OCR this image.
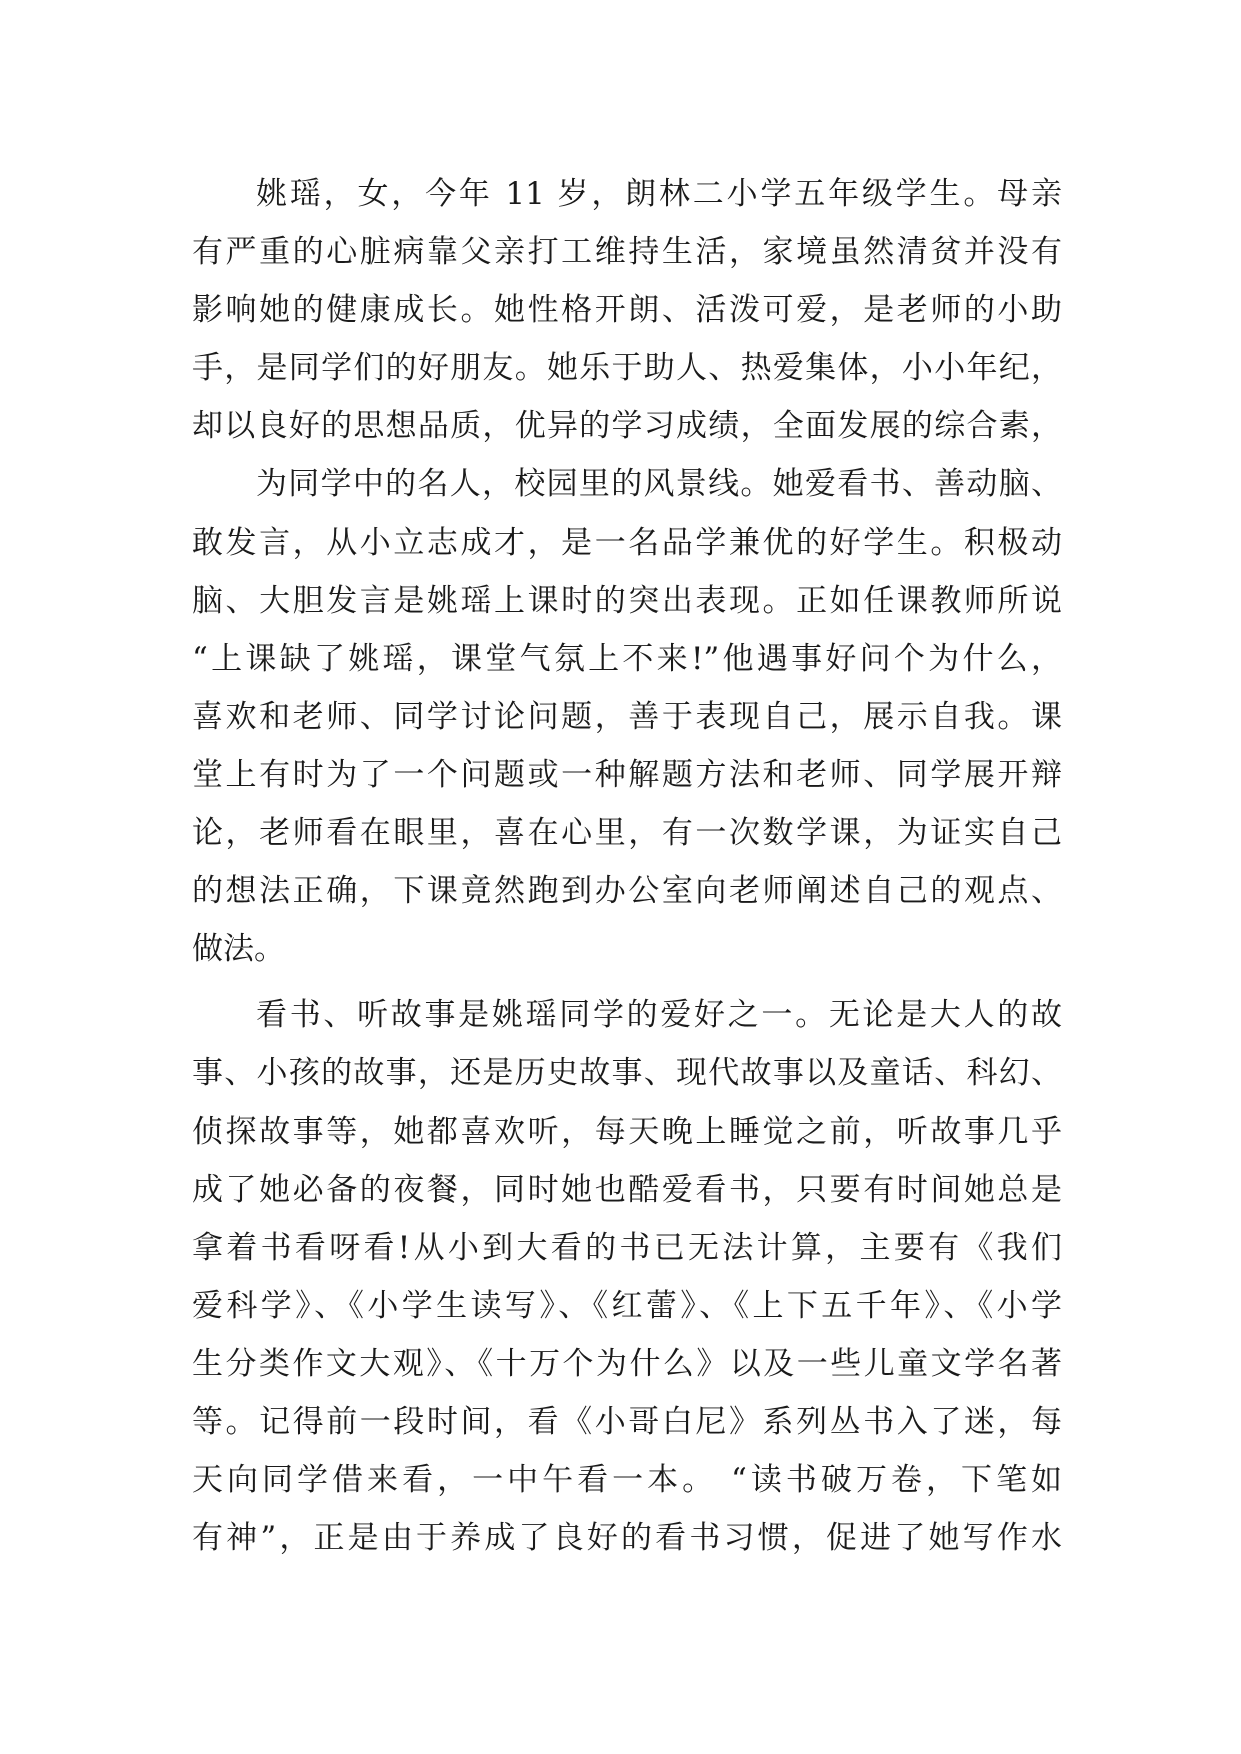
姚瑶，女，今年 11 岁，朗林二小学五年级学生。母亲
有严重的心脏病靠父亲打工维持生活，家境虽然清贫并没有
影响她的健康成长。她性格开朗、活泼可爱，是老师的小助
手，是同学们的好朋友。她乐于助人、热爱集体，小小年纪，
却以良好的思想品质，优异的学习成绩，全面发展的综合素，
为同学中的名人，校园里的风景线。她爱看书、善动脑、
敢发言，从小立志成才，是一名品学兼优的好学生。积极动
脑、大胆发言是姚瑶上课时的突出表现。正如任课教师所说
“上课缺了姚瑶，课堂气氛上不来!”他遇事好问个为什么，
喜欢和老师、同学讨论问题，善于表现自己，展示自我。课
堂上有时为了一个问题或一种解题方法和老师、同学展开辩
论，老师看在眼里，喜在心里，有一次数学课，为证实自己
的想法正确，下课竟然跑到办公室向老师阐述自己的观点、
做法。
看书、听故事是姚瑶同学的爱好之一。无论是大人的故
事、小孩的故事，还是历史故事、现代故事以及童话、科幻、
侦探故事等，她都喜欢听，每天晚上睡觉之前，听故事几乎
成了她必备的夜餐，同时她也酷爱看书，只要有时间她总是
拿着书看呀看!从小到大看的书已无法计算，主要有《我们
爱科学》、《小学生读写》、《红蕾》、《上下五千年》、《小学
生分类作文大观》、《十万个为什么》以及一些儿童文学名著
等。记得前一段时间，看《小哥白尼》系列丛书入了迷，每
天向同学借来看，一中午看一本。 “读书破万卷，下笔如
有神”，正是由于养成了良好的看书习惯，促进了她写作水
